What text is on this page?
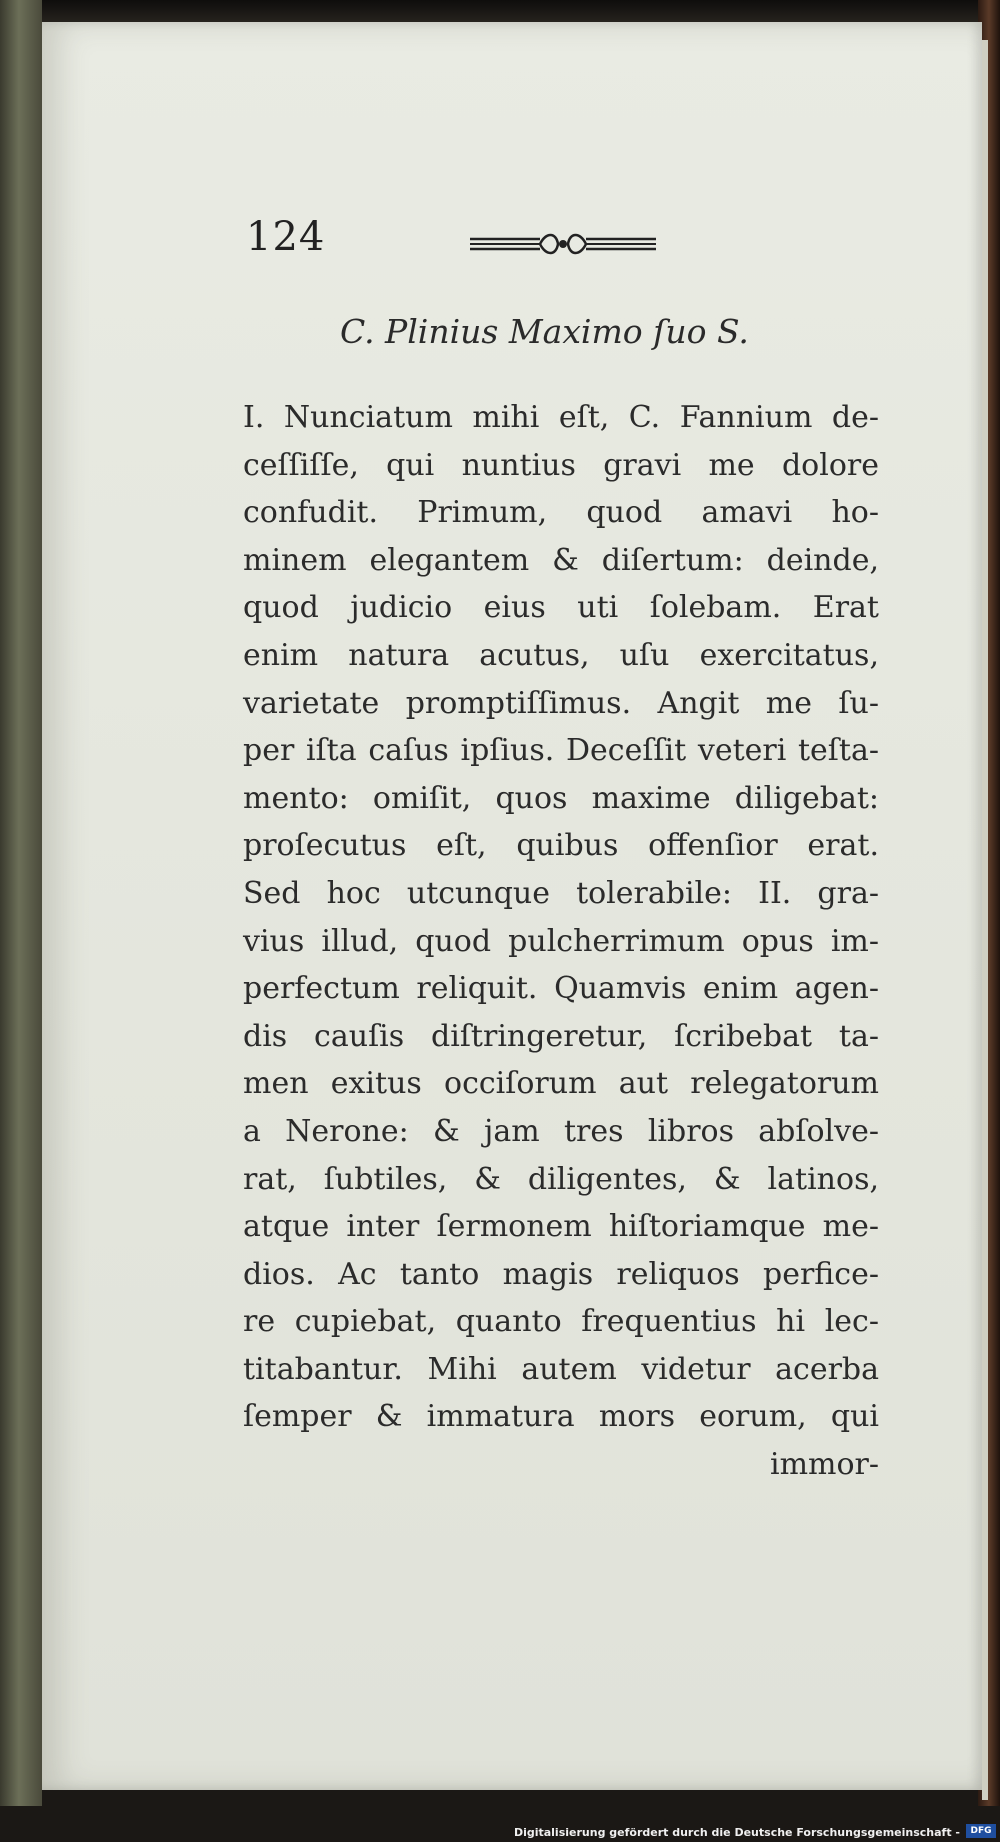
124
C. Plinius Maximo ſuo S.
I. Nunciatum mihi eſt, C. Fannium de-
ceſſiſſe, qui nuntius gravi me dolore
confudit. Primum, quod amavi ho-
minem elegantem & diſertum: deinde,
quod judicio eius uti ſolebam. Erat
enim natura acutus, uſu exercitatus,
varietate promptiſſimus. Angit me ſu-
per iſta caſus ipſius. Deceſſit veteri teſta-
mento: omiſit, quos maxime diligebat:
proſecutus eſt, quibus offenſior erat.
Sed hoc utcunque tolerabile: II. gra-
vius illud, quod pulcherrimum opus im-
perfectum reliquit. Quamvis enim agen-
dis cauſis diſtringeretur, ſcribebat ta-
men exitus occiſorum aut relegatorum
a Nerone: & jam tres libros abſolve-
rat, ſubtiles, & diligentes, & latinos,
atque inter ſermonem hiſtoriamque me-
dios. Ac tanto magis reliquos perfice-
re cupiebat, quanto frequentius hi lec-
titabantur. Mihi autem videtur acerba
ſemper & immatura mors eorum, qui
immor-
Digitalisierung gefördert durch die Deutsche Forschungsgemeinschaft -	DFG
